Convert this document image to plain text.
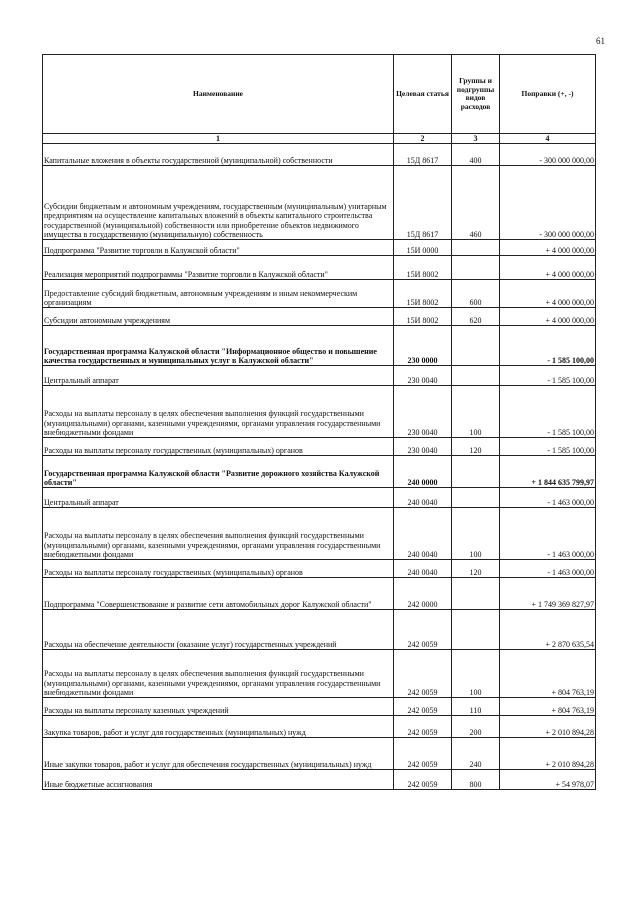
61
Наименование	Целевая статья	Группы и подгруппы видов расходов	Поправки (+, -)
1	2	3	4
Капитальные вложения в объекты государственной (муниципальной) собственности	15Д 8617	400	- 300 000 000,00
Субсидии бюджетным и автономным учреждениям, государственным (муниципальным) унитарным предприятиям на осуществление капитальных вложений в объекты капитального строительства государственной (муниципальной) собственности или приобретение объектов недвижимого имущества в государственную (муниципальную) собственность	15Д 8617	460	- 300 000 000,00
Подпрограмма "Развитие торговли в Калужской области"	15И 0000		+ 4 000 000,00
Реализация мероприятий подпрограммы "Развитие торговли в Калужской области"	15И 8002		+ 4 000 000,00
Предоставление субсидий бюджетным, автономным учреждениям и иным некоммерческим организациям	15И 8002	600	+ 4 000 000,00
Субсидии автономным учреждениям	15И 8002	620	+ 4 000 000,00
Государственная программа Калужской области "Информационное общество и повышение качества государственных и муниципальных услуг в Калужской области"	230 0000		- 1 585 100,00
Центральный аппарат	230 0040		- 1 585 100,00
Расходы на выплаты персоналу в целях обеспечения выполнения функций государственными (муниципальными) органами, казенными учреждениями, органами управления государственными внебюджетными фондами	230 0040	100	- 1 585 100,00
Расходы на выплаты персоналу государственных (муниципальных) органов	230 0040	120	- 1 585 100,00
Государственная программа Калужской области "Развитие дорожного хозяйства Калужской области"	240 0000		+ 1 844 635 799,97
Центральный аппарат	240 0040		- 1 463 000,00
Расходы на выплаты персоналу в целях обеспечения выполнения функций государственными (муниципальными) органами, казенными учреждениями, органами управления государственными внебюджетными фондами	240 0040	100	- 1 463 000,00
Расходы на выплаты персоналу государственных (муниципальных) органов	240 0040	120	- 1 463 000,00
Подпрограмма "Совершенствование и развитие сети автомобильных дорог Калужской области"	242 0000		+ 1 749 369 827,97
Расходы на обеспечение деятельности (оказание услуг) государственных учреждений	242 0059		+ 2 870 635,54
Расходы на выплаты персоналу в целях обеспечения выполнения функций государственными (муниципальными) органами, казенными учреждениями, органами управления государственными внебюджетными фондами	242 0059	100	+ 804 763,19
Расходы на выплаты персоналу казенных учреждений	242 0059	110	+ 804 763,19
Закупка товаров, работ и услуг для государственных (муниципальных) нужд	242 0059	200	+ 2 010 894,28
Иные закупки товаров, работ и услуг для обеспечения государственных (муниципальных) нужд	242 0059	240	+ 2 010 894,28
Иные бюджетные ассигнования	242 0059	800	+ 54 978,07
